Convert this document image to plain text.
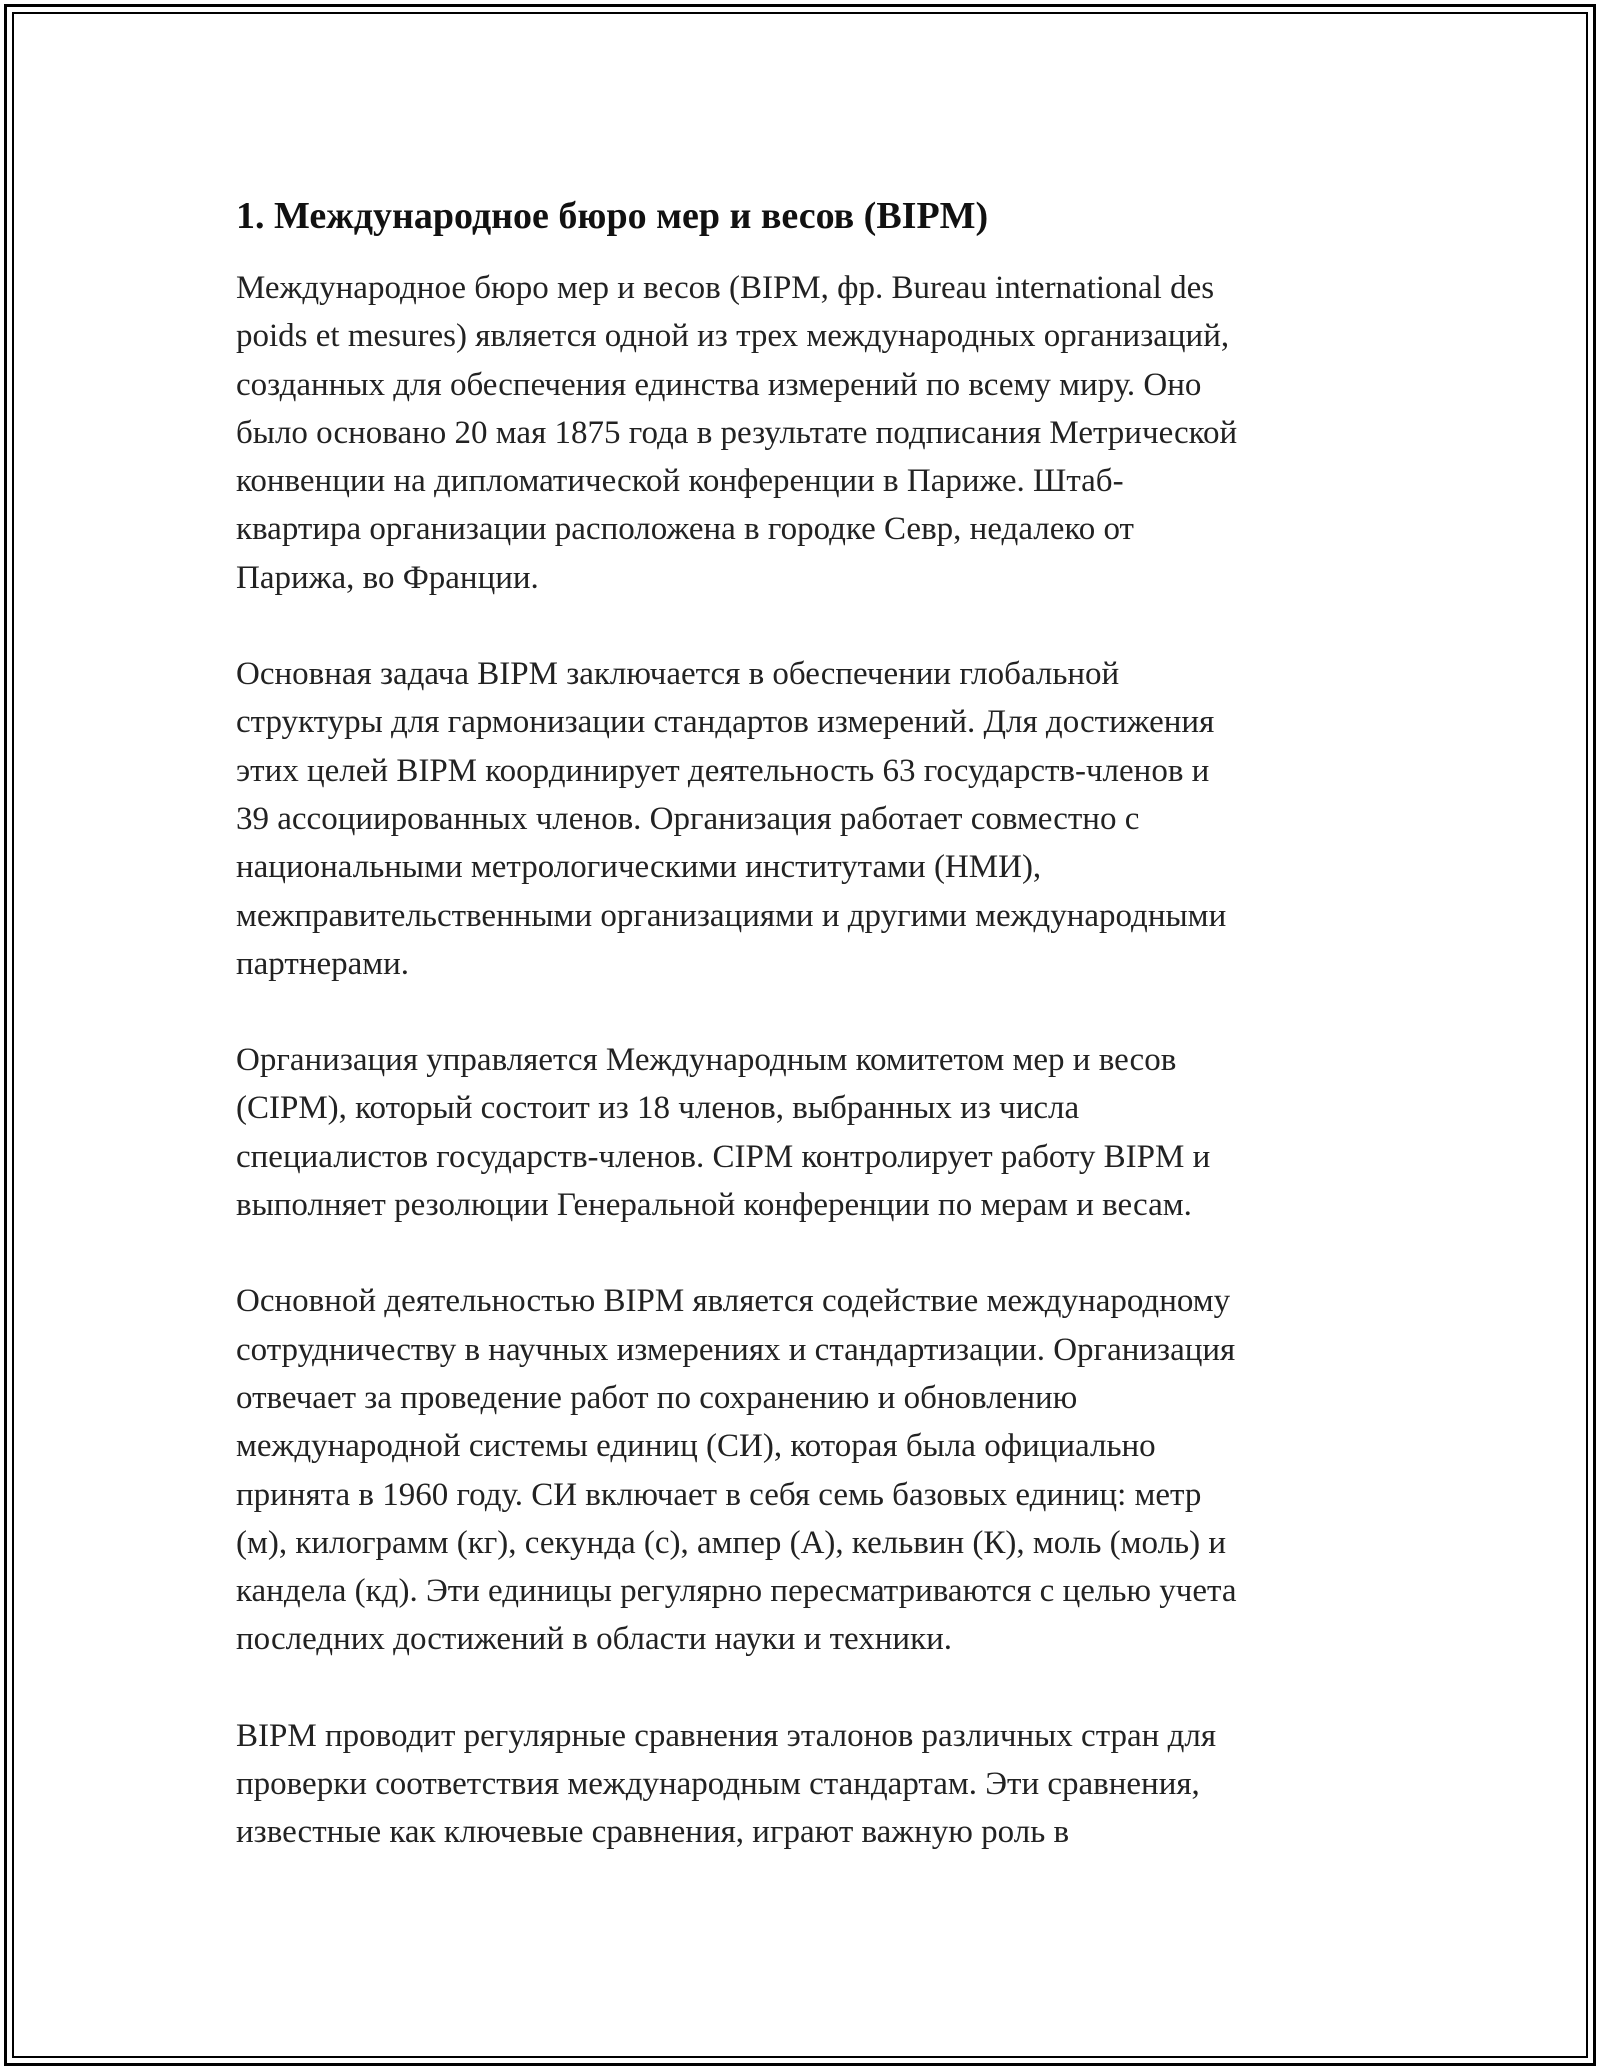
1. Международное бюро мер и весов (BIPM)

Международное бюро мер и весов (BIPM, фр. Bureau international des
poids et mesures) является одной из трех международных организаций,
созданных для обеспечения единства измерений по всему миру. Оно
было основано 20 мая 1875 года в результате подписания Метрической
конвенции на дипломатической конференции в Париже. Штаб-
квартира организации расположена в городке Севр, недалеко от
Парижа, во Франции.

Основная задача BIPM заключается в обеспечении глобальной
структуры для гармонизации стандартов измерений. Для достижения
этих целей BIPM координирует деятельность 63 государств-членов и
39 ассоциированных членов. Организация работает совместно с
национальными метрологическими институтами (НМИ),
межправительственными организациями и другими международными
партнерами.

Организация управляется Международным комитетом мер и весов
(CIPM), который состоит из 18 членов, выбранных из числа
специалистов государств-членов. CIPM контролирует работу BIPM и
выполняет резолюции Генеральной конференции по мерам и весам.

Основной деятельностью BIPM является содействие международному
сотрудничеству в научных измерениях и стандартизации. Организация
отвечает за проведение работ по сохранению и обновлению
международной системы единиц (СИ), которая была официально
принята в 1960 году. СИ включает в себя семь базовых единиц: метр
(м), килограмм (кг), секунда (с), ампер (А), кельвин (К), моль (моль) и
кандела (кд). Эти единицы регулярно пересматриваются с целью учета
последних достижений в области науки и техники.

BIPM проводит регулярные сравнения эталонов различных стран для
проверки соответствия международным стандартам. Эти сравнения,
известные как ключевые сравнения, играют важную роль в
